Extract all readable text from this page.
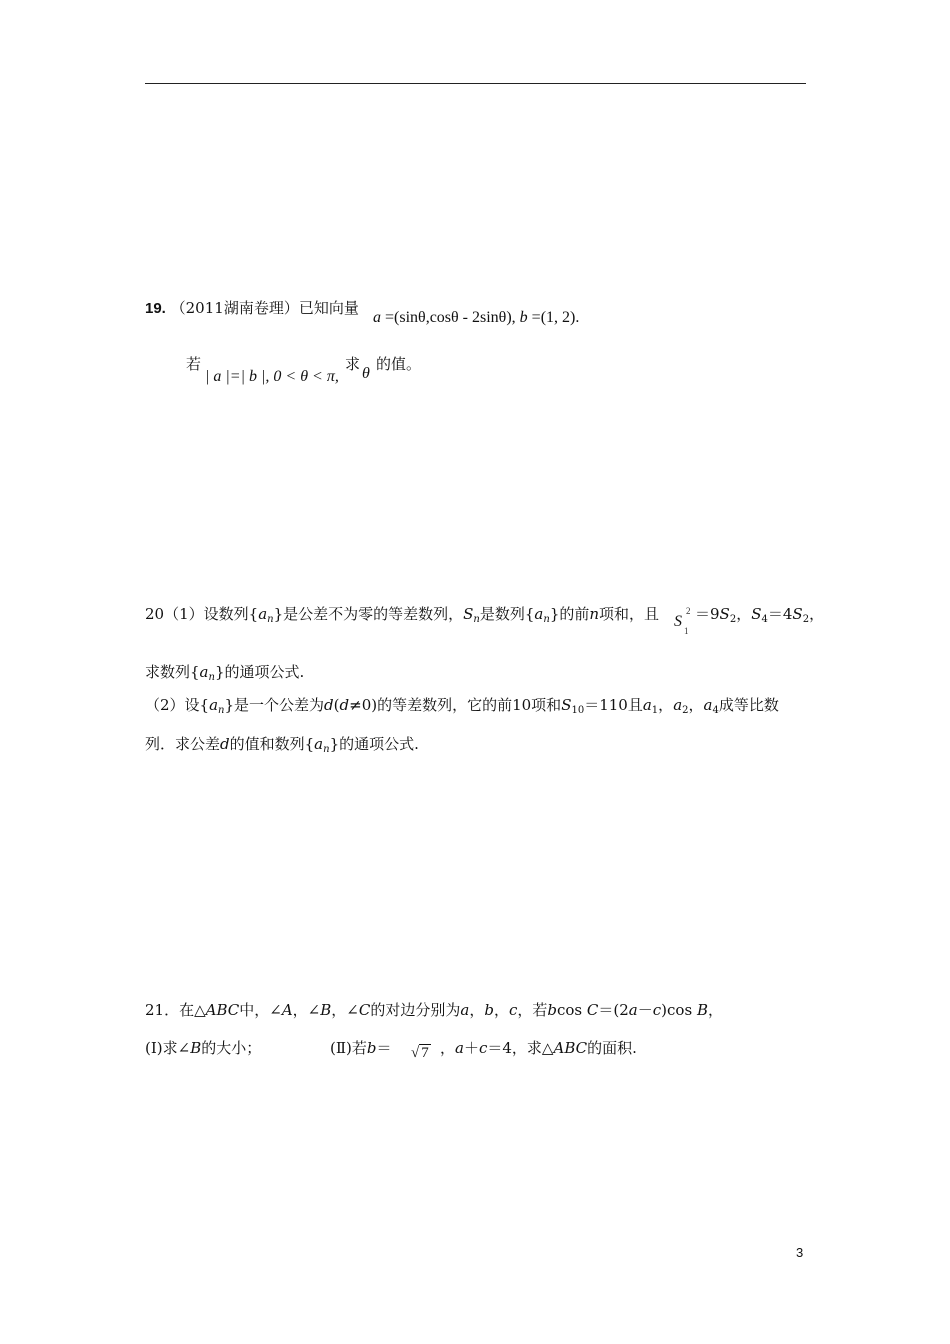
19. （2011湖南卷理）已知向量
a =(sinθ,cosθ - 2sinθ), b =(1, 2).
若
| a |=| b |, 0 < θ < π,
求
θ
的值。
20（1）设数列$\{a_n\}$是公差不为零的等差数列，$S_n$是数列$\{a_n\}$的前n项和，且 S
1
$2 =9S_2$，$S_4=4S_2$，
求数列$\{a_n\}$的通项公式.
（2）设$\{a_n\}$是一个公差为d(d≠0)的等差数列，它的前10项和$S_{10}=110$且$a_1$，$a_2$，$a_4$成等比数
列．求公差d的值和数列$\{a_n\}$的通项公式.
21．在△ABC中，∠A，∠B，∠C的对边分别为a，b，c，若bcos C＝(2a－c)cos B，
(Ⅰ)求∠B的大小；	(Ⅱ)若b＝ √ 7 ，a＋c＝4，求△ABC的面积.
3
